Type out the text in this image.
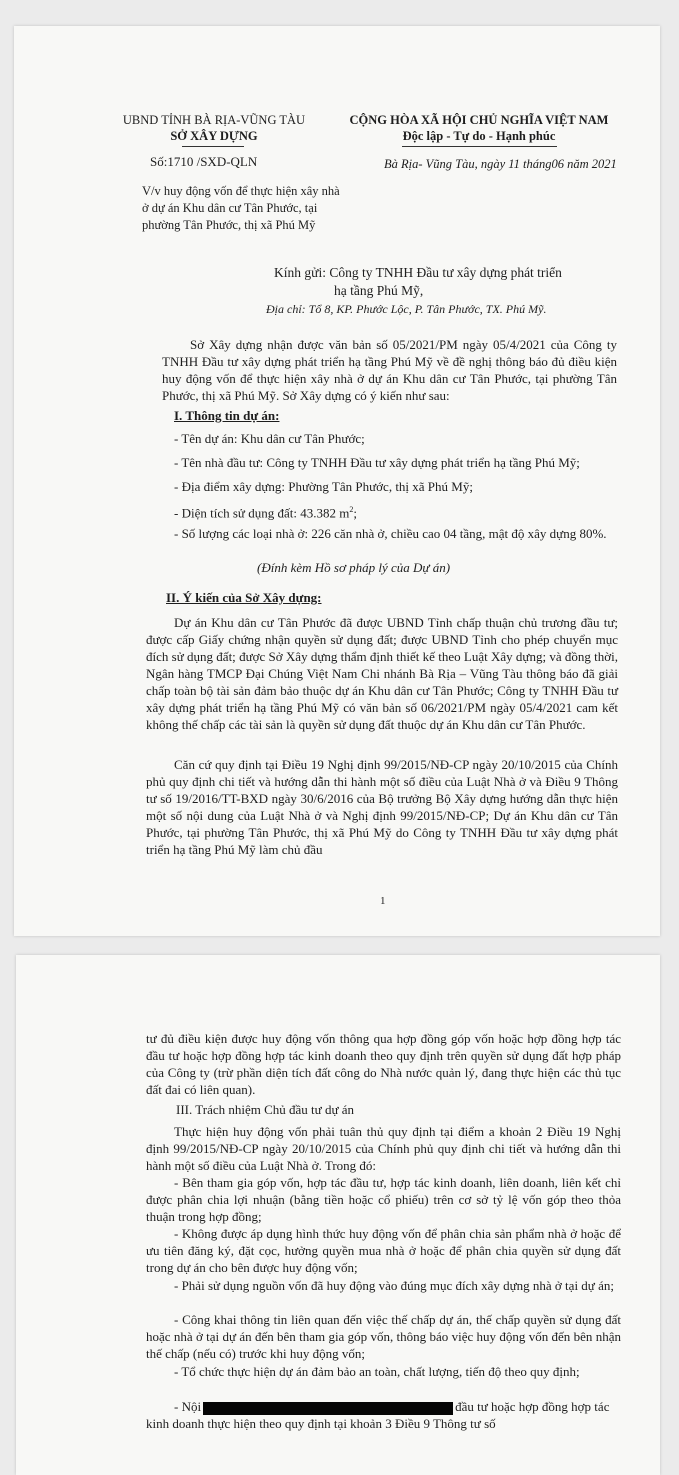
UBND TỈNH BÀ RỊA-VŨNG TÀU
SỞ XÂY DỰNG
Số:1710 /SXD-QLN
CỘNG HÒA XÃ HỘI CHỦ NGHĨA VIỆT NAM
Độc lập - Tự do - Hạnh phúc
Bà Rịa- Vũng Tàu, ngày 11 tháng06 năm 2021
V/v huy động vốn để thực hiện xây nhà ở dự án Khu dân cư Tân Phước, tại phường Tân Phước, thị xã Phú Mỹ
Kính gửi: Công ty TNHH Đầu tư xây dựng phát triển
hạ tầng Phú Mỹ,
Địa chỉ: Tổ 8, KP. Phước Lộc, P. Tân Phước, TX. Phú Mỹ.
Sở Xây dựng nhận được văn bản số 05/2021/PM ngày 05/4/2021 của Công ty TNHH Đầu tư xây dựng phát triển hạ tầng Phú Mỹ về đề nghị thông báo đủ điều kiện huy động vốn để thực hiện xây nhà ở dự án Khu dân cư Tân Phước, tại phường Tân Phước, thị xã Phú Mỹ. Sở Xây dựng có ý kiến như sau:
I. Thông tin dự án:
- Tên dự án: Khu dân cư Tân Phước;
- Tên nhà đầu tư: Công ty TNHH Đầu tư xây dựng phát triển hạ tầng Phú Mỹ;
- Địa điểm xây dựng: Phường Tân Phước, thị xã Phú Mỹ;
- Diện tích sử dụng đất: 43.382 $m^2$;
- Số lượng các loại nhà ở: 226 căn nhà ở, chiều cao 04 tầng, mật độ xây dựng 80%.
(Đính kèm Hồ sơ pháp lý của Dự án)
II. Ý kiến của Sở Xây dựng:
Dự án Khu dân cư Tân Phước đã được UBND Tỉnh chấp thuận chủ trương đầu tư; được cấp Giấy chứng nhận quyền sử dụng đất; được UBND Tỉnh cho phép chuyển mục đích sử dụng đất; được Sở Xây dựng thẩm định thiết kế theo Luật Xây dựng; và đồng thời, Ngân hàng TMCP Đại Chúng Việt Nam Chi nhánh Bà Rịa – Vũng Tàu thông báo đã giải chấp toàn bộ tài sản đảm bảo thuộc dự án Khu dân cư Tân Phước; Công ty TNHH Đầu tư xây dựng phát triển hạ tầng Phú Mỹ có văn bản số 06/2021/PM ngày 05/4/2021 cam kết không thế chấp các tài sản là quyền sử dụng đất thuộc dự án Khu dân cư Tân Phước.
Căn cứ quy định tại Điều 19 Nghị định 99/2015/NĐ-CP ngày 20/10/2015 của Chính phủ quy định chi tiết và hướng dẫn thi hành một số điều của Luật Nhà ở và Điều 9 Thông tư số 19/2016/TT-BXD ngày 30/6/2016 của Bộ trưởng Bộ Xây dựng hướng dẫn thực hiện một số nội dung của Luật Nhà ở và Nghị định 99/2015/NĐ-CP; Dự án Khu dân cư Tân Phước, tại phường Tân Phước, thị xã Phú Mỹ do Công ty TNHH Đầu tư xây dựng phát triển hạ tầng Phú Mỹ làm chủ đầu
1
tư đủ điều kiện được huy động vốn thông qua hợp đồng góp vốn hoặc hợp đồng hợp tác đầu tư hoặc hợp đồng hợp tác kinh doanh theo quy định trên quyền sử dụng đất hợp pháp của Công ty (trừ phần diện tích đất công do Nhà nước quản lý, đang thực hiện các thủ tục đất đai có liên quan).
III. Trách nhiệm Chủ đầu tư dự án
Thực hiện huy động vốn phải tuân thủ quy định tại điểm a khoản 2 Điều 19 Nghị định 99/2015/NĐ-CP ngày 20/10/2015 của Chính phủ quy định chi tiết và hướng dẫn thi hành một số điều của Luật Nhà ở. Trong đó:
- Bên tham gia góp vốn, hợp tác đầu tư, hợp tác kinh doanh, liên doanh, liên kết chỉ được phân chia lợi nhuận (bằng tiền hoặc cổ phiếu) trên cơ sở tỷ lệ vốn góp theo thỏa thuận trong hợp đồng;
- Không được áp dụng hình thức huy động vốn để phân chia sản phẩm nhà ở hoặc để ưu tiên đăng ký, đặt cọc, hưởng quyền mua nhà ở hoặc để phân chia quyền sử dụng đất trong dự án cho bên được huy động vốn;
- Phải sử dụng nguồn vốn đã huy động vào đúng mục đích xây dựng nhà ở tại dự án;
- Công khai thông tin liên quan đến việc thế chấp dự án, thế chấp quyền sử dụng đất hoặc nhà ở tại dự án đến bên tham gia góp vốn, thông báo việc huy động vốn đến bên nhận thế chấp (nếu có) trước khi huy động vốn;
- Tổ chức thực hiện dự án đảm bảo an toàn, chất lượng, tiến độ theo quy định;
- Nội	đầu tư hoặc hợp đồng hợp tác kinh doanh thực hiện theo quy định tại khoản 3 Điều 9 Thông tư số
